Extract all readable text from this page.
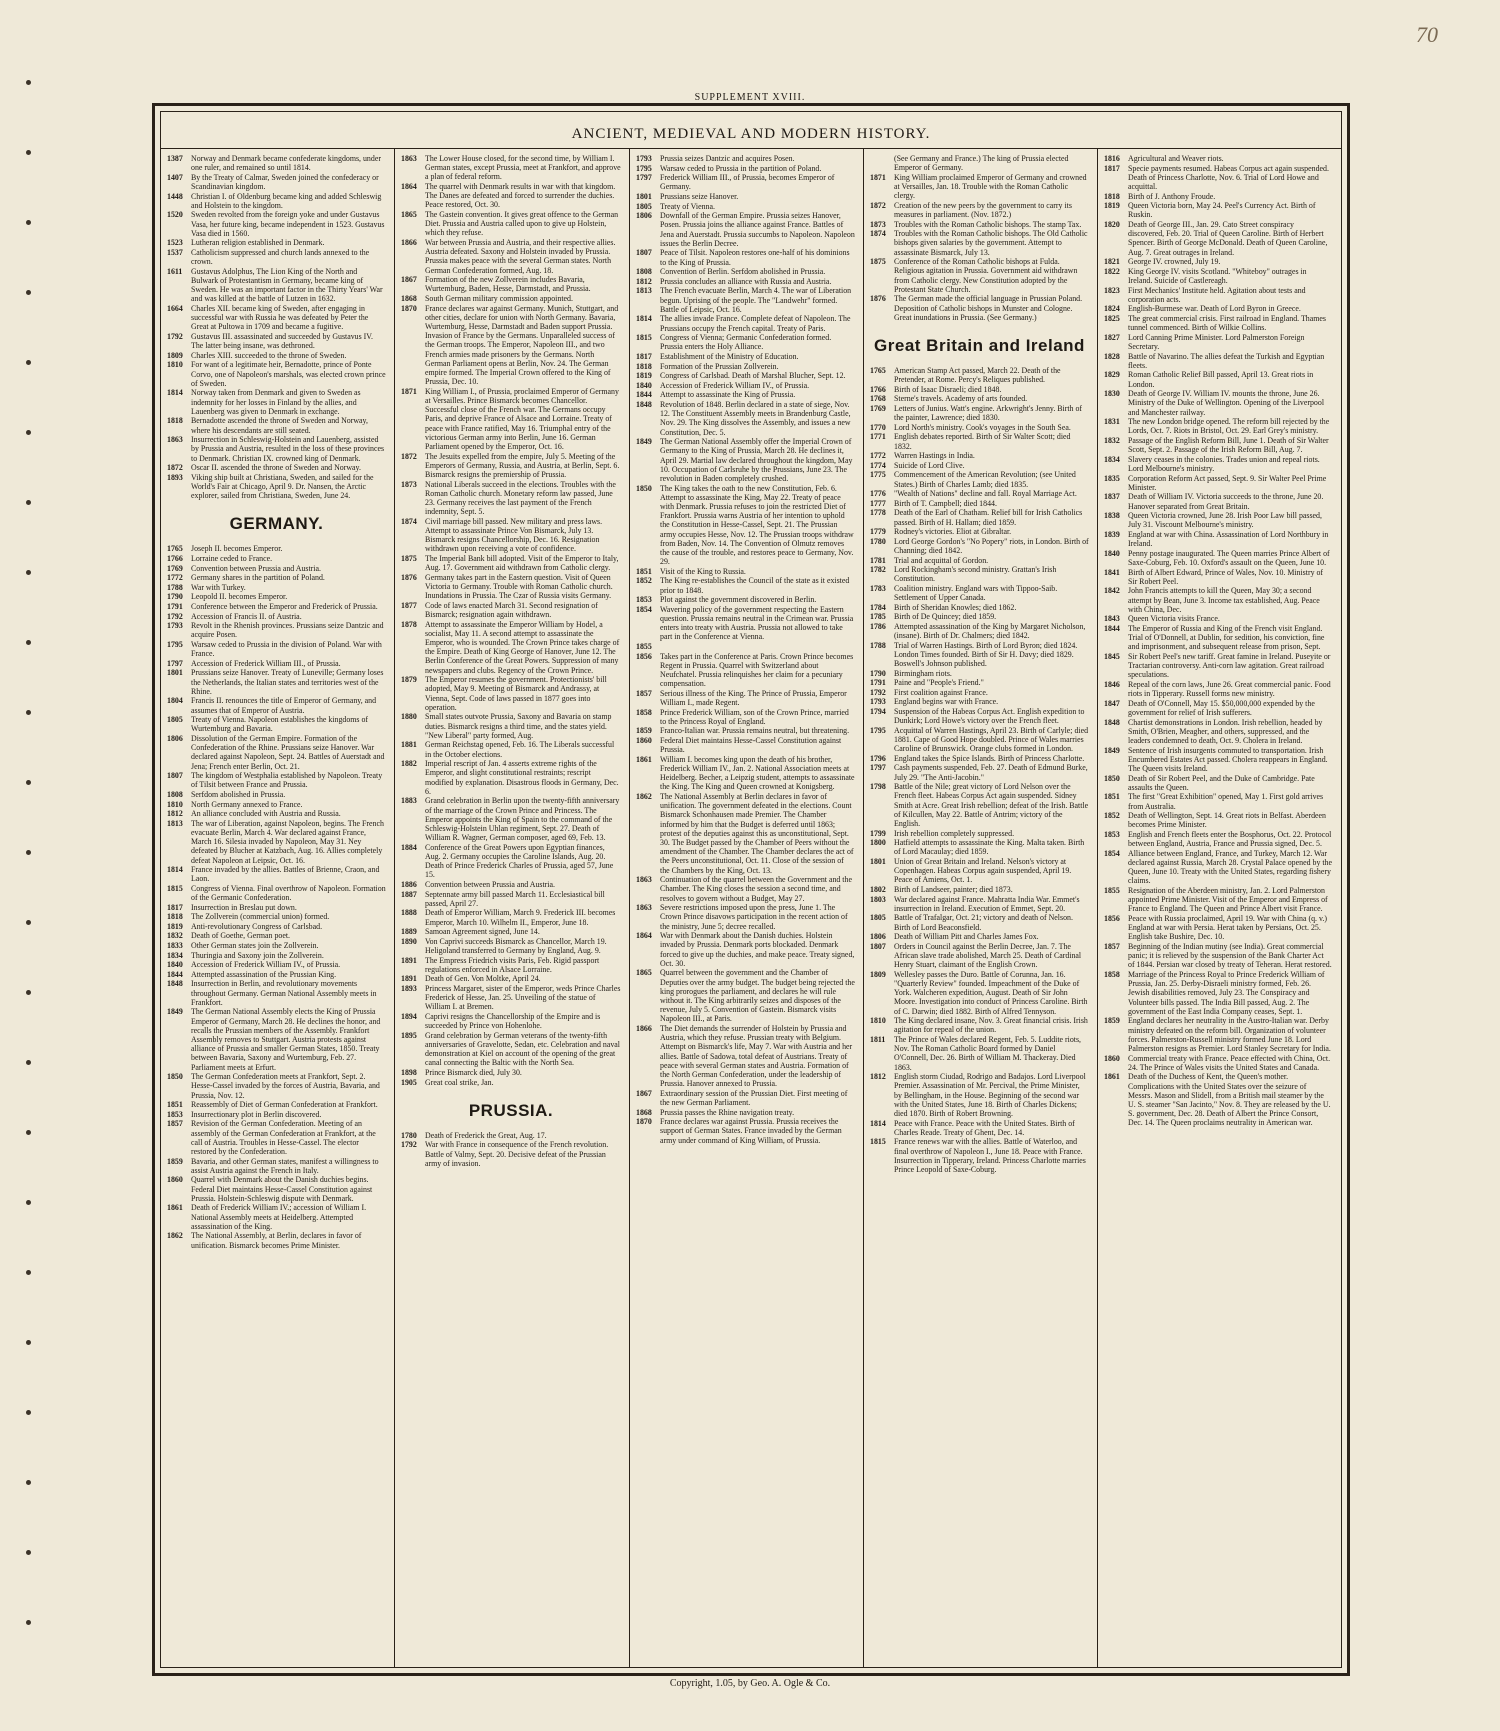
70
SUPPLEMENT XVIII.
ANCIENT, MEDIEVAL AND MODERN HISTORY.
1387	Norway and Denmark became confederate kingdoms, under one ruler, and remained so until 1814.
1407	By the Treaty of Calmar, Sweden joined the confederacy or Scandinavian kingdom.
1448	Christian I. of Oldenburg became king and added Schleswig and Holstein to the kingdom.
1520	Sweden revolted from the foreign yoke and under Gustavus Vasa, her future king, became independent in 1523. Gustavus Vasa died in 1560.
1523	Lutheran religion established in Denmark.
1537	Catholicism suppressed and church lands annexed to the crown.
1611	Gustavus Adolphus, The Lion King of the North and Bulwark of Protestantism in Germany, became king of Sweden. He was an important factor in the Thirty Years' War and was killed at the battle of Lutzen in 1632.
1664	Charles XII. became king of Sweden, after engaging in successful war with Russia he was defeated by Peter the Great at Pultowa in 1709 and became a fugitive.
1792	Gustavus III. assassinated and succeeded by Gustavus IV. The latter being insane, was dethroned.
1809	Charles XIII. succeeded to the throne of Sweden.
1810	For want of a legitimate heir, Bernadotte, prince of Ponte Corvo, one of Napoleon's marshals, was elected crown prince of Sweden.
1814	Norway taken from Denmark and given to Sweden as indemnity for her losses in Finland by the allies, and Lauenberg was given to Denmark in exchange.
1818	Bernadotte ascended the throne of Sweden and Norway, where his descendants are still seated.
1863	Insurrection in Schleswig-Holstein and Lauenberg, assisted by Prussia and Austria, resulted in the loss of these provinces to Denmark. Christian IX. crowned king of Denmark.
1872	Oscar II. ascended the throne of Sweden and Norway.
1893	Viking ship built at Christiana, Sweden, and sailed for the World's Fair at Chicago, April 9. Dr. Nansen, the Arctic explorer, sailed from Christiana, Sweden, June 24.
GERMANY.
1765	Joseph II. becomes Emperor.
1766	Lorraine ceded to France.
1769	Convention between Prussia and Austria.
1772	Germany shares in the partition of Poland.
1788	War with Turkey.
1790	Leopold II. becomes Emperor.
1791	Conference between the Emperor and Frederick of Prussia.
1792	Accession of Francis II. of Austria.
1793	Revolt in the Rhenish provinces. Prussians seize Dantzic and acquire Posen.
1795	Warsaw ceded to Prussia in the division of Poland. War with France.
1797	Accession of Frederick William III., of Prussia.
1801	Prussians seize Hanover. Treaty of Luneville; Germany loses the Netherlands, the Italian states and territories west of the Rhine.
1804	Francis II. renounces the title of Emperor of Germany, and assumes that of Emperor of Austria.
1805	Treaty of Vienna. Napoleon establishes the kingdoms of Wurtemburg and Bavaria.
1806	Dissolution of the German Empire. Formation of the Confederation of the Rhine. Prussians seize Hanover. War declared against Napoleon, Sept. 24. Battles of Auerstadt and Jena; French enter Berlin, Oct. 21.
1807	The kingdom of Westphalia established by Napoleon. Treaty of Tilsit between France and Prussia.
1808	Serfdom abolished in Prussia.
1810	North Germany annexed to France.
1812	An alliance concluded with Austria and Russia.
1813	The war of Liberation, against Napoleon, begins. The French evacuate Berlin, March 4. War declared against France, March 16. Silesia invaded by Napoleon, May 31. Ney defeated by Blucher at Katzbach, Aug. 16. Allies completely defeat Napoleon at Leipsic, Oct. 16.
1814	France invaded by the allies. Battles of Brienne, Craon, and Laon.
1815	Congress of Vienna. Final overthrow of Napoleon. Formation of the Germanic Confederation.
1817	Insurrection in Breslau put down.
1818	The Zollverein (commercial union) formed.
1819	Anti-revolutionary Congress of Carlsbad.
1832	Death of Goethe, German poet.
1833	Other German states join the Zollverein.
1834	Thuringia and Saxony join the Zollverein.
1840	Accession of Frederick William IV., of Prussia.
1844	Attempted assassination of the Prussian King.
1848	Insurrection in Berlin, and revolutionary movements throughout Germany. German National Assembly meets in Frankfort.
1849	The German National Assembly elects the King of Prussia Emperor of Germany, March 28. He declines the honor, and recalls the Prussian members of the Assembly. Frankfort Assembly removes to Stuttgart. Austria protests against alliance of Prussia and smaller German States, 1850. Treaty between Bavaria, Saxony and Wurtemburg, Feb. 27. Parliament meets at Erfurt.
1850	The German Confederation meets at Frankfort, Sept. 2. Hesse-Cassel invaded by the forces of Austria, Bavaria, and Prussia, Nov. 12.
1851	Reassembly of Diet of German Confederation at Frankfort.
1853	Insurrectionary plot in Berlin discovered.
1857	Revision of the German Confederation. Meeting of an assembly of the German Confederation at Frankfort, at the call of Austria. Troubles in Hesse-Cassel. The elector restored by the Confederation.
1859	Bavaria, and other German states, manifest a willingness to assist Austria against the French in Italy.
1860	Quarrel with Denmark about the Danish duchies begins. Federal Diet maintains Hesse-Cassel Constitution against Prussia. Holstein-Schleswig dispute with Denmark.
1861	Death of Frederick William IV.; accession of William I. National Assembly meets at Heidelberg. Attempted assassination of the King.
1862	The National Assembly, at Berlin, declares in favor of unification. Bismarck becomes Prime Minister.
1863	The Lower House closed, for the second time, by William I. German states, except Prussia, meet at Frankfort, and approve a plan of federal reform.
1864	The quarrel with Denmark results in war with that kingdom. The Danes are defeated and forced to surrender the duchies. Peace restored, Oct. 30.
1865	The Gastein convention. It gives great offence to the German Diet. Prussia and Austria called upon to give up Holstein, which they refuse.
1866	War between Prussia and Austria, and their respective allies. Austria defeated. Saxony and Holstein invaded by Prussia. Prussia makes peace with the several German states. North German Confederation formed, Aug. 18.
1867	Formation of the new Zollverein includes Bavaria, Wurtemburg, Baden, Hesse, Darmstadt, and Prussia.
1868	South German military commission appointed.
1870	France declares war against Germany. Munich, Stuttgart, and other cities, declare for union with North Germany. Bavaria, Wurtemburg, Hesse, Darmstadt and Baden support Prussia. Invasion of France by the Germans. Unparalleled success of the German troops. The Emperor, Napoleon III., and two French armies made prisoners by the Germans. North German Parliament opens at Berlin, Nov. 24. The German empire formed. The Imperial Crown offered to the King of Prussia, Dec. 10.
1871	King William I., of Prussia, proclaimed Emperor of Germany at Versailles. Prince Bismarck becomes Chancellor. Successful close of the French war. The Germans occupy Paris, and deprive France of Alsace and Lorraine. Treaty of peace with France ratified, May 16. Triumphal entry of the victorious German army into Berlin, June 16. German Parliament opened by the Emperor, Oct. 16.
1872	The Jesuits expelled from the empire, July 5. Meeting of the Emperors of Germany, Russia, and Austria, at Berlin, Sept. 6. Bismarck resigns the premiership of Prussia.
1873	National Liberals succeed in the elections. Troubles with the Roman Catholic church. Monetary reform law passed, June 23. Germany receives the last payment of the French indemnity, Sept. 5.
1874	Civil marriage bill passed. New military and press laws. Attempt to assassinate Prince Von Bismarck, July 13. Bismarck resigns Chancellorship, Dec. 16. Resignation withdrawn upon receiving a vote of confidence.
1875	The Imperial Bank bill adopted. Visit of the Emperor to Italy, Aug. 17. Government aid withdrawn from Catholic clergy.
1876	Germany takes part in the Eastern question. Visit of Queen Victoria to Germany. Trouble with Roman Catholic church. Inundations in Prussia. The Czar of Russia visits Germany.
1877	Code of laws enacted March 31. Second resignation of Bismarck; resignation again withdrawn.
1878	Attempt to assassinate the Emperor William by Hodel, a socialist, May 11. A second attempt to assassinate the Emperor, who is wounded. The Crown Prince takes charge of the Empire. Death of King George of Hanover, June 12. The Berlin Conference of the Great Powers. Suppression of many newspapers and clubs. Regency of the Crown Prince.
1879	The Emperor resumes the government. Protectionists' bill adopted, May 9. Meeting of Bismarck and Andrassy, at Vienna, Sept. Code of laws passed in 1877 goes into operation.
1880	Small states outvote Prussia, Saxony and Bavaria on stamp duties. Bismarck resigns a third time, and the states yield. "New Liberal" party formed, Aug.
1881	German Reichstag opened, Feb. 16. The Liberals successful in the October elections.
1882	Imperial rescript of Jan. 4 asserts extreme rights of the Emperor, and slight constitutional restraints; rescript modified by explanation. Disastrous floods in Germany, Dec. 6.
1883	Grand celebration in Berlin upon the twenty-fifth anniversary of the marriage of the Crown Prince and Princess. The Emperor appoints the King of Spain to the command of the Schleswig-Holstein Uhlan regiment, Sept. 27. Death of William R. Wagner, German composer, aged 69, Feb. 13.
1884	Conference of the Great Powers upon Egyptian finances, Aug. 2. Germany occupies the Caroline Islands, Aug. 20. Death of Prince Frederick Charles of Prussia, aged 57, June 15.
1886	Convention between Prussia and Austria.
1887	Septennate army bill passed March 11. Ecclesiastical bill passed, April 27.
1888	Death of Emperor William, March 9. Frederick III. becomes Emperor, March 10. Wilhelm II., Emperor, June 18.
1889	Samoan Agreement signed, June 14.
1890	Von Caprivi succeeds Bismarck as Chancellor, March 19. Heligoland transferred to Germany by England, Aug. 9.
1891	The Empress Friedrich visits Paris, Feb. Rigid passport regulations enforced in Alsace Lorraine.
1891	Death of Gen. Von Moltke, April 24.
1893	Princess Margaret, sister of the Emperor, weds Prince Charles Frederick of Hesse, Jan. 25. Unveiling of the statue of William I. at Bremen.
1894	Caprivi resigns the Chancellorship of the Empire and is succeeded by Prince von Hohenlohe.
1895	Grand celebration by German veterans of the twenty-fifth anniversaries of Gravelotte, Sedan, etc. Celebration and naval demonstration at Kiel on account of the opening of the great canal connecting the Baltic with the North Sea.
1898	Prince Bismarck died, July 30.
1905	Great coal strike, Jan.
PRUSSIA.
1780	Death of Frederick the Great, Aug. 17.
1792	War with France in consequence of the French revolution. Battle of Valmy, Sept. 20. Decisive defeat of the Prussian army of invasion.
1793	Prussia seizes Dantzic and acquires Posen.
1795	Warsaw ceded to Prussia in the partition of Poland.
1797	Frederick William III., of Prussia, becomes Emperor of Germany.
1801	Prussians seize Hanover.
1805	Treaty of Vienna.
1806	Downfall of the German Empire. Prussia seizes Hanover, Posen. Prussia joins the alliance against France. Battles of Jena and Auerstadt. Prussia succumbs to Napoleon. Napoleon issues the Berlin Decree.
1807	Peace of Tilsit. Napoleon restores one-half of his dominions to the King of Prussia.
1808	Convention of Berlin. Serfdom abolished in Prussia.
1812	Prussia concludes an alliance with Russia and Austria.
1813	The French evacuate Berlin, March 4. The war of Liberation begun. Uprising of the people. The "Landwehr" formed. Battle of Leipsic, Oct. 16.
1814	The allies invade France. Complete defeat of Napoleon. The Prussians occupy the French capital. Treaty of Paris.
1815	Congress of Vienna; Germanic Confederation formed. Prussia enters the Holy Alliance.
1817	Establishment of the Ministry of Education.
1818	Formation of the Prussian Zollverein.
1819	Congress of Carlsbad. Death of Marshal Blucher, Sept. 12.
1840	Accession of Frederick William IV., of Prussia.
1844	Attempt to assassinate the King of Prussia.
1848	Revolution of 1848. Berlin declared in a state of siege, Nov. 12. The Constituent Assembly meets in Brandenburg Castle, Nov. 29. The King dissolves the Assembly, and issues a new Constitution, Dec. 5.
1849	The German National Assembly offer the Imperial Crown of Germany to the King of Prussia, March 28. He declines it, April 29. Martial law declared throughout the kingdom, May 10. Occupation of Carlsruhe by the Prussians, June 23. The revolution in Baden completely crushed.
1850	The King takes the oath to the new Constitution, Feb. 6. Attempt to assassinate the King, May 22. Treaty of peace with Denmark. Prussia refuses to join the restricted Diet of Frankfort. Prussia warns Austria of her intention to uphold the Constitution in Hesse-Cassel, Sept. 21. The Prussian army occupies Hesse, Nov. 12. The Prussian troops withdraw from Baden, Nov. 14. The Convention of Olmutz removes the cause of the trouble, and restores peace to Germany, Nov. 29.
1851	Visit of the King to Russia.
1852	The King re-establishes the Council of the state as it existed prior to 1848.
1853	Plot against the government discovered in Berlin.
1854	Wavering policy of the government respecting the Eastern question. Prussia remains neutral in the Crimean war. Prussia enters into treaty with Austria. Prussia not allowed to take part in the Conference at Vienna.
1855
1856	Takes part in the Conference at Paris. Crown Prince becomes Regent in Prussia. Quarrel with Switzerland about Neufchatel. Prussia relinquishes her claim for a pecuniary compensation.
1857	Serious illness of the King. The Prince of Prussia, Emperor William I., made Regent.
1858	Prince Frederick William, son of the Crown Prince, married to the Princess Royal of England.
1859	Franco-Italian war. Prussia remains neutral, but threatening.
1860	Federal Diet maintains Hesse-Cassel Constitution against Prussia.
1861	William I. becomes king upon the death of his brother, Frederick William IV., Jan. 2. National Association meets at Heidelberg. Becher, a Leipzig student, attempts to assassinate the King. The King and Queen crowned at Konigsberg.
1862	The National Assembly at Berlin declares in favor of unification. The government defeated in the elections. Count Bismarck Schonhausen made Premier. The Chamber informed by him that the Budget is deferred until 1863; protest of the deputies against this as unconstitutional, Sept. 30. The Budget passed by the Chamber of Peers without the amendment of the Chamber. The Chamber declares the act of the Peers unconstitutional, Oct. 11. Close of the session of the Chambers by the King, Oct. 13.
1863	Continuation of the quarrel between the Government and the Chamber. The King closes the session a second time, and resolves to govern without a Budget, May 27.
1863	Severe restrictions imposed upon the press, June 1. The Crown Prince disavows participation in the recent action of the ministry, June 5; decree recalled.
1864	War with Denmark about the Danish duchies. Holstein invaded by Prussia. Denmark ports blockaded. Denmark forced to give up the duchies, and make peace. Treaty signed, Oct. 30.
1865	Quarrel between the government and the Chamber of Deputies over the army budget. The budget being rejected the king prorogues the parliament, and declares he will rule without it. The King arbitrarily seizes and disposes of the revenue, July 5. Convention of Gastein. Bismarck visits Napoleon III., at Paris.
1866	The Diet demands the surrender of Holstein by Prussia and Austria, which they refuse. Prussian treaty with Belgium. Attempt on Bismarck's life, May 7. War with Austria and her allies. Battle of Sadowa, total defeat of Austrians. Treaty of peace with several German states and Austria. Formation of the North German Confederation, under the leadership of Prussia. Hanover annexed to Prussia.
1867	Extraordinary session of the Prussian Diet. First meeting of the new German Parliament.
1868	Prussia passes the Rhine navigation treaty.
1870	France declares war against Prussia. Prussia receives the support of German States. France invaded by the German army under command of King William, of Prussia.
(See Germany and France.) The king of Prussia elected Emperor of Germany.
1871	King William proclaimed Emperor of Germany and crowned at Versailles, Jan. 18. Trouble with the Roman Catholic clergy.
1872	Creation of the new peers by the government to carry its measures in parliament. (Nov. 1872.)
1873	Troubles with the Roman Catholic bishops. The stamp Tax.
1874	Troubles with the Roman Catholic bishops. The Old Catholic bishops given salaries by the government. Attempt to assassinate Bismarck, July 13.
1875	Conference of the Roman Catholic bishops at Fulda. Religious agitation in Prussia. Government aid withdrawn from Catholic clergy. New Constitution adopted by the Protestant State Church.
1876	The German made the official language in Prussian Poland. Deposition of Catholic bishops in Munster and Cologne. Great inundations in Prussia. (See Germany.)
Great Britain and Ireland
1765	American Stamp Act passed, March 22. Death of the Pretender, at Rome. Percy's Reliques published.
1766	Birth of Isaac Disraeli; died 1848.
1768	Sterne's travels. Academy of arts founded.
1769	Letters of Junius. Watt's engine. Arkwright's Jenny. Birth of the painter, Lawrence; died 1830.
1770	Lord North's ministry. Cook's voyages in the South Sea.
1771	English debates reported. Birth of Sir Walter Scott; died 1832.
1772	Warren Hastings in India.
1774	Suicide of Lord Clive.
1775	Commencement of the American Revolution; (see United States.) Birth of Charles Lamb; died 1835.
1776	"Wealth of Nations" decline and fall. Royal Marriage Act.
1777	Birth of T. Campbell; died 1844.
1778	Death of the Earl of Chatham. Relief bill for Irish Catholics passed. Birth of H. Hallam; died 1859.
1779	Rodney's victories. Eliot at Gibraltar.
1780	Lord George Gordon's "No Popery" riots, in London. Birth of Channing; died 1842.
1781	Trial and acquittal of Gordon.
1782	Lord Rockingham's second ministry. Grattan's Irish Constitution.
1783	Coalition ministry. England wars with Tippoo-Saib. Settlement of Upper Canada.
1784	Birth of Sheridan Knowles; died 1862.
1785	Birth of De Quincey; died 1859.
1786	Attempted assassination of the King by Margaret Nicholson, (insane). Birth of Dr. Chalmers; died 1842.
1788	Trial of Warren Hastings. Birth of Lord Byron; died 1824. London Times founded. Birth of Sir H. Davy; died 1829. Boswell's Johnson published.
1790	Birmingham riots.
1791	Paine and "People's Friend."
1792	First coalition against France.
1793	England begins war with France.
1794	Suspension of the Habeas Corpus Act. English expedition to Dunkirk; Lord Howe's victory over the French fleet.
1795	Acquittal of Warren Hastings, April 23. Birth of Carlyle; died 1881. Cape of Good Hope doubled. Prince of Wales marries Caroline of Brunswick. Orange clubs formed in London.
1796	England takes the Spice Islands. Birth of Princess Charlotte.
1797	Cash payments suspended, Feb. 27. Death of Edmund Burke, July 29. "The Anti-Jacobin."
1798	Battle of the Nile; great victory of Lord Nelson over the French fleet. Habeas Corpus Act again suspended. Sidney Smith at Acre. Great Irish rebellion; defeat of the Irish. Battle of Kilcullen, May 22. Battle of Antrim; victory of the English.
1799	Irish rebellion completely suppressed.
1800	Hatfield attempts to assassinate the King. Malta taken. Birth of Lord Macaulay; died 1859.
1801	Union of Great Britain and Ireland. Nelson's victory at Copenhagen. Habeas Corpus again suspended, April 19. Peace of Amiens, Oct. 1.
1802	Birth of Landseer, painter; died 1873.
1803	War declared against France. Mahratta India War. Emmet's insurrection in Ireland. Execution of Emmet, Sept. 20.
1805	Battle of Trafalgar, Oct. 21; victory and death of Nelson. Birth of Lord Beaconsfield.
1806	Death of William Pitt and Charles James Fox.
1807	Orders in Council against the Berlin Decree, Jan. 7. The African slave trade abolished, March 25. Death of Cardinal Henry Stuart, claimant of the English Crown.
1809	Wellesley passes the Duro. Battle of Corunna, Jan. 16. "Quarterly Review" founded. Impeachment of the Duke of York. Walcheren expedition, August. Death of Sir John Moore. Investigation into conduct of Princess Caroline. Birth of C. Darwin; died 1882. Birth of Alfred Tennyson.
1810	The King declared insane, Nov. 3. Great financial crisis. Irish agitation for repeal of the union.
1811	The Prince of Wales declared Regent, Feb. 5. Luddite riots, Nov. The Roman Catholic Board formed by Daniel O'Connell, Dec. 26. Birth of William M. Thackeray. Died 1863.
1812	English storm Ciudad, Rodrigo and Badajos. Lord Liverpool Premier. Assassination of Mr. Percival, the Prime Minister, by Bellingham, in the House. Beginning of the second war with the United States, June 18. Birth of Charles Dickens; died 1870. Birth of Robert Browning.
1814	Peace with France. Peace with the United States. Birth of Charles Reade. Treaty of Ghent, Dec. 14.
1815	France renews war with the allies. Battle of Waterloo, and final overthrow of Napoleon I., June 18. Peace with France. Insurrection in Tipperary, Ireland. Princess Charlotte marries Prince Leopold of Saxe-Coburg.
1816	Agricultural and Weaver riots.
1817	Specie payments resumed. Habeas Corpus act again suspended. Death of Princess Charlotte, Nov. 6. Trial of Lord Howe and acquittal.
1818	Birth of J. Anthony Froude.
1819	Queen Victoria born, May 24. Peel's Currency Act. Birth of Ruskin.
1820	Death of George III., Jan. 29. Cato Street conspiracy discovered, Feb. 20. Trial of Queen Caroline. Birth of Herbert Spencer. Birth of George McDonald. Death of Queen Caroline, Aug. 7. Great outrages in Ireland.
1821	George IV. crowned, July 19.
1822	King George IV. visits Scotland. "Whiteboy" outrages in Ireland. Suicide of Castlereagh.
1823	First Mechanics' Institute held. Agitation about tests and corporation acts.
1824	English-Burmese war. Death of Lord Byron in Greece.
1825	The great commercial crisis. First railroad in England. Thames tunnel commenced. Birth of Wilkie Collins.
1827	Lord Canning Prime Minister. Lord Palmerston Foreign Secretary.
1828	Battle of Navarino. The allies defeat the Turkish and Egyptian fleets.
1829	Roman Catholic Relief Bill passed, April 13. Great riots in London.
1830	Death of George IV. William IV. mounts the throne, June 26. Ministry of the Duke of Wellington. Opening of the Liverpool and Manchester railway.
1831	The new London bridge opened. The reform bill rejected by the Lords, Oct. 7. Riots in Bristol, Oct. 29. Earl Grey's ministry.
1832	Passage of the English Reform Bill, June 1. Death of Sir Walter Scott, Sept. 2. Passage of the Irish Reform Bill, Aug. 7.
1834	Slavery ceases in the colonies. Trades union and repeal riots. Lord Melbourne's ministry.
1835	Corporation Reform Act passed, Sept. 9. Sir Walter Peel Prime Minister.
1837	Death of William IV. Victoria succeeds to the throne, June 20. Hanover separated from Great Britain.
1838	Queen Victoria crowned, June 28. Irish Poor Law bill passed, July 31. Viscount Melbourne's ministry.
1839	England at war with China. Assassination of Lord Northbury in Ireland.
1840	Penny postage inaugurated. The Queen marries Prince Albert of Saxe-Coburg, Feb. 10. Oxford's assault on the Queen, June 10.
1841	Birth of Albert Edward, Prince of Wales, Nov. 10. Ministry of Sir Robert Peel.
1842	John Francis attempts to kill the Queen, May 30; a second attempt by Bean, June 3. Income tax established, Aug. Peace with China, Dec.
1843	Queen Victoria visits France.
1844	The Emperor of Russia and King of the French visit England. Trial of O'Donnell, at Dublin, for sedition, his conviction, fine and imprisonment, and subsequent release from prison, Sept.
1845	Sir Robert Peel's new tariff. Great famine in Ireland. Puseyite or Tractarian controversy. Anti-corn law agitation. Great railroad speculations.
1846	Repeal of the corn laws, June 26. Great commercial panic. Food riots in Tipperary. Russell forms new ministry.
1847	Death of O'Connell, May 15. $50,000,000 expended by the government for relief of Irish sufferers.
1848	Chartist demonstrations in London. Irish rebellion, headed by Smith, O'Brien, Meagher, and others, suppressed, and the leaders condemned to death, Oct. 9. Cholera in Ireland.
1849	Sentence of Irish insurgents commuted to transportation. Irish Encumbered Estates Act passed. Cholera reappears in England. The Queen visits Ireland.
1850	Death of Sir Robert Peel, and the Duke of Cambridge. Pate assaults the Queen.
1851	The first "Great Exhibition" opened, May 1. First gold arrives from Australia.
1852	Death of Wellington, Sept. 14. Great riots in Belfast. Aberdeen becomes Prime Minister.
1853	English and French fleets enter the Bosphorus, Oct. 22. Protocol between England, Austria, France and Prussia signed, Dec. 5.
1854	Alliance between England, France, and Turkey, March 12. War declared against Russia, March 28. Crystal Palace opened by the Queen, June 10. Treaty with the United States, regarding fishery claims.
1855	Resignation of the Aberdeen ministry, Jan. 2. Lord Palmerston appointed Prime Minister. Visit of the Emperor and Empress of France to England. The Queen and Prince Albert visit France.
1856	Peace with Russia proclaimed, April 19. War with China (q. v.) England at war with Persia. Herat taken by Persians, Oct. 25. English take Bushire, Dec. 10.
1857	Beginning of the Indian mutiny (see India). Great commercial panic; it is relieved by the suspension of the Bank Charter Act of 1844. Persian war closed by treaty of Teheran. Herat restored.
1858	Marriage of the Princess Royal to Prince Frederick William of Prussia, Jan. 25. Derby-Disraeli ministry formed, Feb. 26. Jewish disabilities removed, July 23. The Conspiracy and Volunteer bills passed. The India Bill passed, Aug. 2. The government of the East India Company ceases, Sept. 1.
1859	England declares her neutrality in the Austro-Italian war. Derby ministry defeated on the reform bill. Organization of volunteer forces. Palmerston-Russell ministry formed June 18. Lord Palmerston resigns as Premier. Lord Stanley Secretary for India.
1860	Commercial treaty with France. Peace effected with China, Oct. 24. The Prince of Wales visits the United States and Canada.
1861	Death of the Duchess of Kent, the Queen's mother. Complications with the United States over the seizure of Messrs. Mason and Slidell, from a British mail steamer by the U. S. steamer "San Jacinto," Nov. 8. They are released by the U. S. government, Dec. 28. Death of Albert the Prince Consort, Dec. 14. The Queen proclaims neutrality in American war.
Copyright, 1.05, by Geo. A. Ogle & Co.
